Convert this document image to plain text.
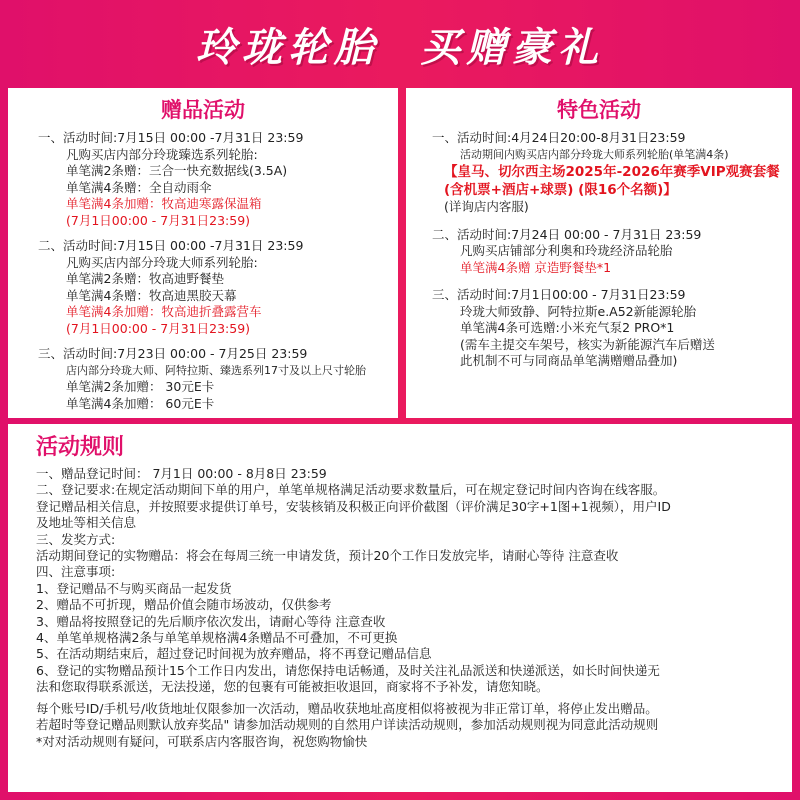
玲珑轮胎 买赠豪礼
赠品活动
一、活动时间:7月15日 00:00 -7月31日 23:59
凡购买店内部分玲珑臻选系列轮胎:
单笔满2条赠：三合一快充数据线(3.5A)
单笔满4条赠：全自动雨伞
单笔满4条加赠：牧高迪寒露保温箱
(7月1日00:00 - 7月31日23:59)
二、活动时间:7月15日 00:00 -7月31日 23:59
凡购买店内部分玲珑大师系列轮胎:
单笔满2条赠：牧高迪野餐垫
单笔满4条赠：牧高迪黑胶天幕
单笔满4条加赠：牧高迪折叠露营车
(7月1日00:00 - 7月31日23:59)
三、活动时间:7月23日 00:00 - 7月25日 23:59
店内部分玲珑大师、阿特拉斯、臻选系列17寸及以上尺寸轮胎
单笔满2条加赠： 30元E卡
单笔满4条加赠： 60元E卡
特色活动
一、活动时间:4月24日20:00-8月31日23:59
活动期间内购买店内部分玲珑大师系列轮胎(单笔满4条)
【皇马、切尔西主场2025年-2026年赛季VIP观赛套餐(含机票+酒店+球票) (限16个名额)】
(详询店内客服)
二、活动时间:7月24日 00:00 - 7月31日 23:59
凡购买店铺部分利奥和玲珑经济品轮胎
单笔满4条赠 京造野餐垫*1
三、活动时间:7月1日00:00 - 7月31日23:59
玲珑大师致静、阿特拉斯e.A52新能源轮胎
单笔满4条可选赠:小米充气泵2 PRO*1
(需车主提交车架号，核实为新能源汽车后赠送
此机制不可与同商品单笔满赠赠品叠加)
活动规则
一、赠品登记时间： 7月1日 00:00 - 8月8日 23:59
二、登记要求:在规定活动期间下单的用户，单笔单规格满足活动要求数量后，可在规定登记时间内咨询在线客服。
登记赠品相关信息，并按照要求提供订单号，安装核销及积极正向评价截图（评价满足30字+1图+1视频），用户ID
及地址等相关信息
三、发奖方式:
活动期间登记的实物赠品：将会在每周三统一申请发货，预计20个工作日发放完毕，请耐心等待 注意查收
四、注意事项:
1、登记赠品不与购买商品一起发货
2、赠品不可折现，赠品价值会随市场波动，仅供参考
3、赠品将按照登记的先后顺序依次发出，请耐心等待 注意查收
4、单笔单规格满2条与单笔单规格满4条赠品不可叠加，不可更换
5、在活动期结束后，超过登记时间视为放弃赠品，将不再登记赠品信息
6、登记的实物赠品预计15个工作日内发出，请您保持电话畅通，及时关注礼品派送和快递派送，如长时间快递无
法和您取得联系派送，无法投递，您的包裹有可能被拒收退回，商家将不予补发，请您知晓。
每个账号ID/手机号/收货地址仅限参加一次活动，赠品收获地址高度相似将被视为非正常订单，将停止发出赠品。
若超时等登记赠品则默认放弃奖品" 请参加活动规则的自然用户详读活动规则，参加活动规则视为同意此活动规则
*对对活动规则有疑问，可联系店内客服咨询，祝您购物愉快
